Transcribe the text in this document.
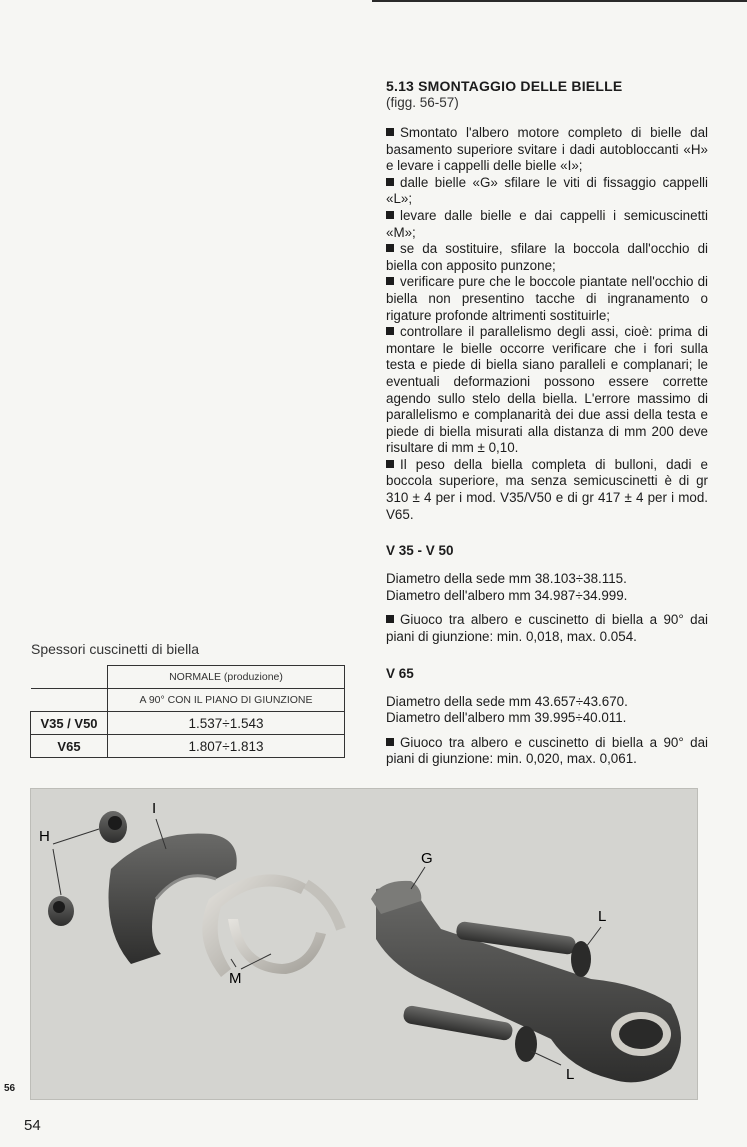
5.13 SMONTAGGIO DELLE BIELLE

(figg. 56-57)

Smontato l'albero motore completo di bielle dal basamento superiore svitare i dadi autobloccanti «H» e levare i cappelli delle bielle «I»;

dalle bielle «G» sfilare le viti di fissaggio cappelli «L»;

levare dalle bielle e dai cappelli i semicuscinetti «M»;

se da sostituire, sfilare la boccola dall'occhio di biella con apposito punzone;

verificare pure che le boccole piantate nell'occhio di biella non presentino tacche di ingranamento o rigature profonde altrimenti sostituirle;

controllare il parallelismo degli assi, cioè: prima di montare le bielle occorre verificare che i fori sulla testa e piede di biella siano paralleli e complanari; le eventuali deformazioni possono essere corrette agendo sullo stelo della biella. L'errore massimo di parallelismo e complanarità dei due assi della testa e piede di biella misurati alla distanza di mm 200 deve risultare di mm ± 0,10.

Il peso della biella completa di bulloni, dadi e boccola superiore, ma senza semicuscinetti è di gr 310 ± 4 per i mod. V35/V50 e di gr 417 ± 4 per i mod. V65.

V 35 - V 50

Diametro della sede mm 38.103÷38.115.

Diametro dell'albero mm 34.987÷34.999.

Giuoco tra albero e cuscinetto di biella a 90° dai piani di giunzione: min. 0,018, max. 0.054.

V 65

Diametro della sede mm 43.657÷43.670.

Diametro dell'albero mm 39.995÷40.011.

Giuoco tra albero e cuscinetto di biella a 90° dai piani di giunzione: min. 0,020, max. 0,061.

Spessori cuscinetti di biella
	NORMALE (produzione)
	A 90° CON IL PIANO DI GIUNZIONE
V35 / V50	1.537÷1.543
V65	1.807÷1.813
H
I
G
L
M
L
56
54
